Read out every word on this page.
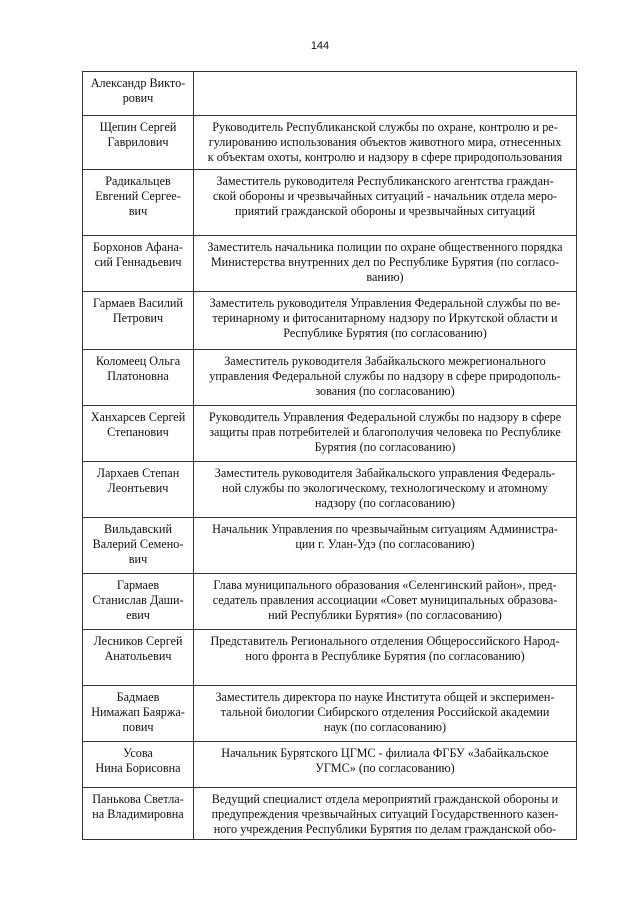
144
Александр Викто-
рович	

Щепин Сергей
Гаврилович	Руководитель Республиканской службы по охране, контролю и ре-
гулированию использования объектов животного мира, отнесенных
к объектам охоты, контролю и надзору в сфере природопользования

Радикальцев
Евгений Сергее-
вич	Заместитель руководителя Республиканского агентства граждан-
ской обороны и чрезвычайных ситуаций - начальник отдела меро-
приятий гражданской обороны и чрезвычайных ситуаций

Борхонов Афана-
сий Геннадьевич	Заместитель начальника полиции по охране общественного порядка
Министерства внутренних дел по Республике Бурятия (по согласо-
ванию)

Гармаев Василий
Петрович	Заместитель руководителя Управления Федеральной службы по ве-
теринарному и фитосанитарному надзору по Иркутской области и
Республике Бурятия (по согласованию)

Коломеец Ольга
Платоновна	Заместитель руководителя Забайкальского межрегионального
управления Федеральной службы по надзору в сфере природополь-
зования (по согласованию)

Ханхарсев Сергей
Степанович	Руководитель Управления Федеральной службы по надзору в сфере
защиты прав потребителей и благополучия человека по Республике
Бурятия (по согласованию)

Лархаев Степан
Леонтьевич	Заместитель руководителя Забайкальского управления Федераль-
ной службы по экологическому, технологическому и атомному
надзору (по согласованию)

Вильдавский
Валерий Семено-
вич	Начальник Управления по чрезвычайным ситуациям Администра-
ции г. Улан-Удэ (по согласованию)

Гармаев
Станислав Даши-
евич	Глава муниципального образования «Селенгинский район», пред-
седатель правления ассоциации «Совет муниципальных образова-
ний Республики Бурятия» (по согласованию)

Лесников Сергей
Анатольевич	Представитель Регионального отделения Общероссийского Народ-
ного фронта в Республике Бурятия (по согласованию)

Бадмаев
Нимажап Баяржа-
пович	Заместитель директора по науке Института общей и эксперимен-
тальной биологии Сибирского отделения Российской академии
наук (по согласованию)

Усова
Нина Борисовна	Начальник Бурятского ЦГМС - филиала ФГБУ «Забайкальское
УГМС» (по согласованию)

Панькова Светла-
на Владимировна	Ведущий специалист отдела мероприятий гражданской обороны и
предупреждения чрезвычайных ситуаций Государственного казен-
ного учреждения Республики Бурятия по делам гражданской обо-
